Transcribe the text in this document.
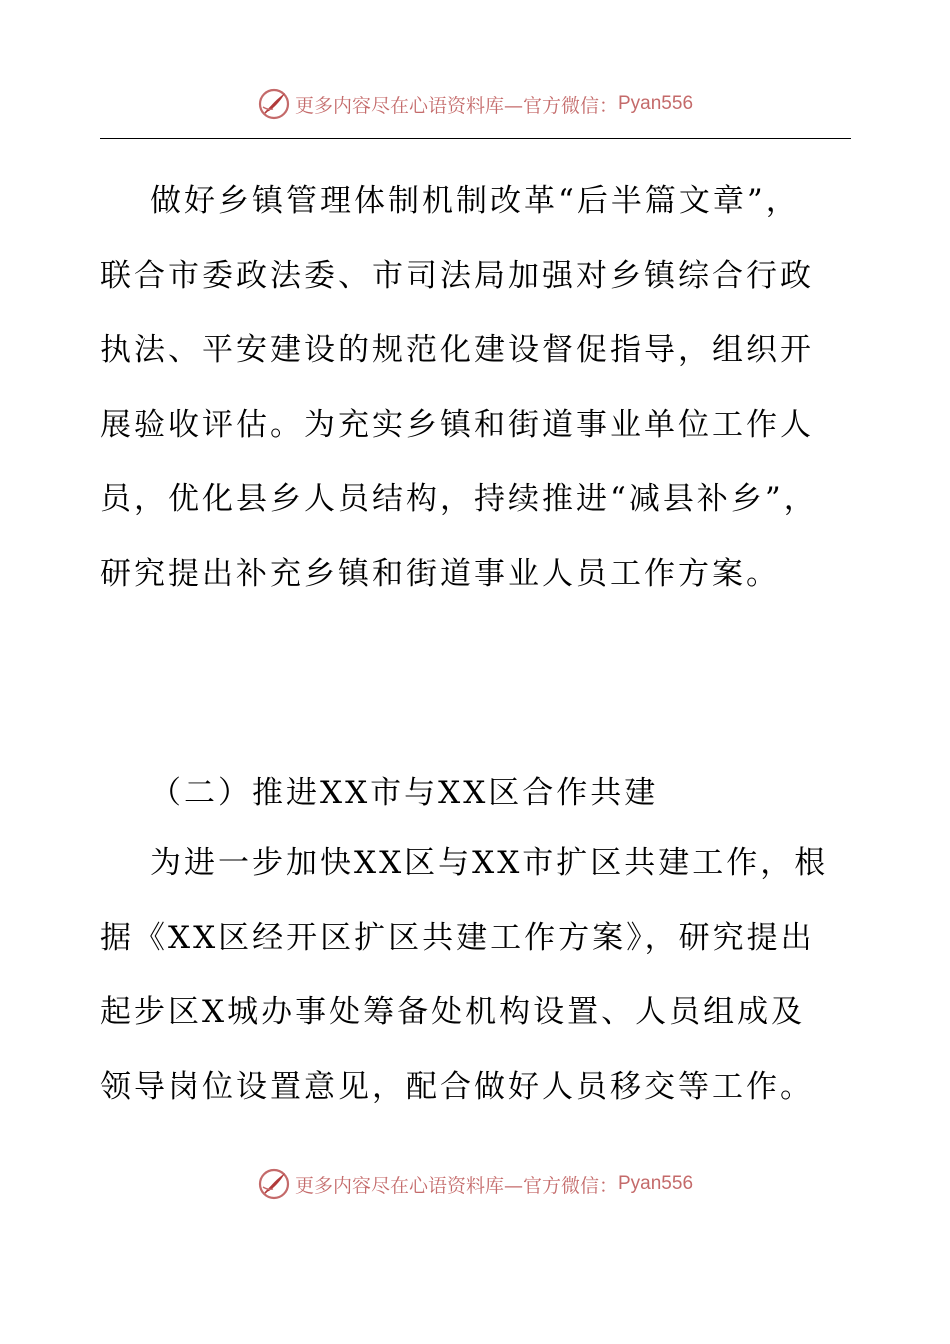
更多内容尽在心语资料库—官方微信： Pyan556
做好乡镇管理体制机制改革“后半篇文章”，
联合市委政法委、市司法局加强对乡镇综合行政
执法、平安建设的规范化建设督促指导，组织开
展验收评估。为充实乡镇和街道事业单位工作人
员，优化县乡人员结构，持续推进“减县补乡”，
研究提出补充乡镇和街道事业人员工作方案。
（二）推进XX市与XX区合作共建
为进一步加快XX区与XX市扩区共建工作，根
据《XX区经开区扩区共建工作方案》，研究提出
起步区X城办事处筹备处机构设置、人员组成及
领导岗位设置意见，配合做好人员移交等工作。
更多内容尽在心语资料库—官方微信： Pyan556
